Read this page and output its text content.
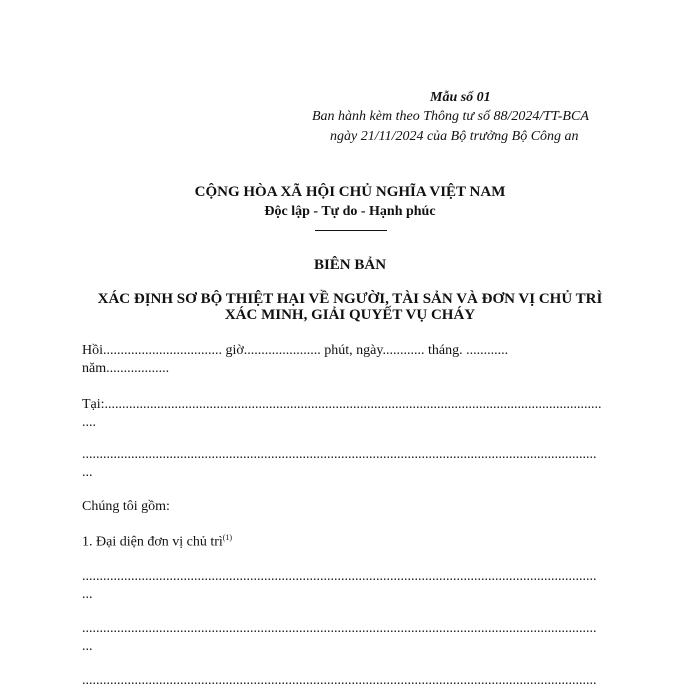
Mẫu số 01
Ban hành kèm theo Thông tư số 88/2024/TT-BCA
ngày 21/11/2024 của Bộ trưởng Bộ Công an
CỘNG HÒA XÃ HỘI CHỦ NGHĨA VIỆT NAM
Độc lập - Tự do - Hạnh phúc
BIÊN BẢN
XÁC ĐỊNH SƠ BỘ THIỆT HẠI VỀ NGƯỜI, TÀI SẢN VÀ ĐƠN VỊ CHỦ TRÌ
XÁC MINH, GIẢI QUYẾT VỤ CHÁY
Hồi.................................. giờ...................... phút, ngày............ tháng. ............
năm..................
Tại:..............................................................................................................................................
....
...................................................................................................................................................
...
Chúng tôi gồm:
1. Đại diện đơn vị chủ trì$^{(1)}$
...................................................................................................................................................
...
...................................................................................................................................................
...
...................................................................................................................................................
